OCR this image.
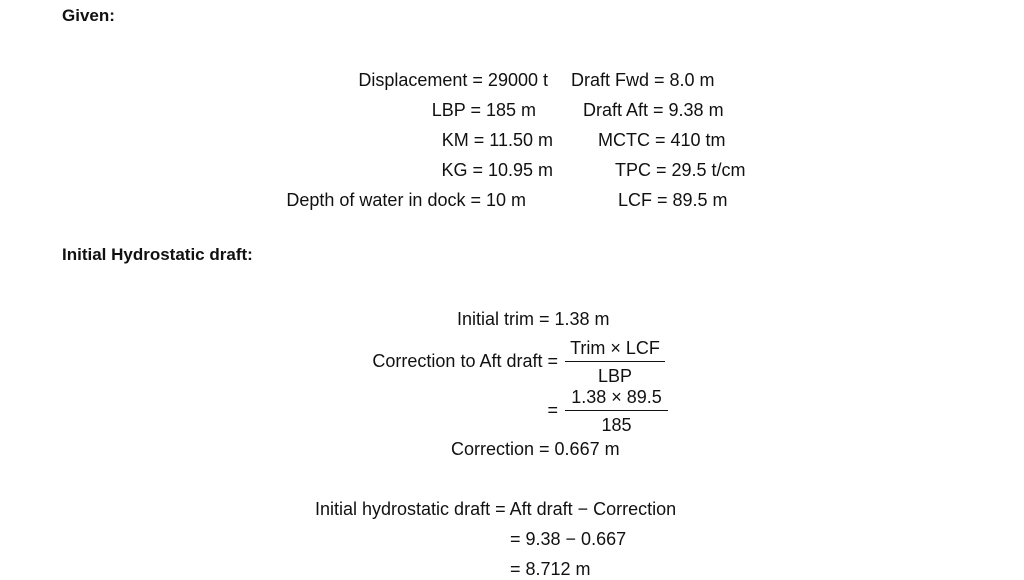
Given:
Displacement = 29000 t
LBP = 185 m
KM = 11.50 m
KG = 10.95 m
Depth of water in dock = 10 m
Draft Fwd = 8.0 m
Draft Aft = 9.38 m
MCTC = 410 tm
TPC = 29.5 t/cm
LCF = 89.5 m
Initial Hydrostatic draft:
Initial trim = 1.38 m
Correction to Aft draft =
Trim × LCF
LBP
=
1.38 × 89.5
185
Correction = 0.667 m
Initial hydrostatic draft = Aft draft − Correction
= 9.38 − 0.667
= 8.712 m
